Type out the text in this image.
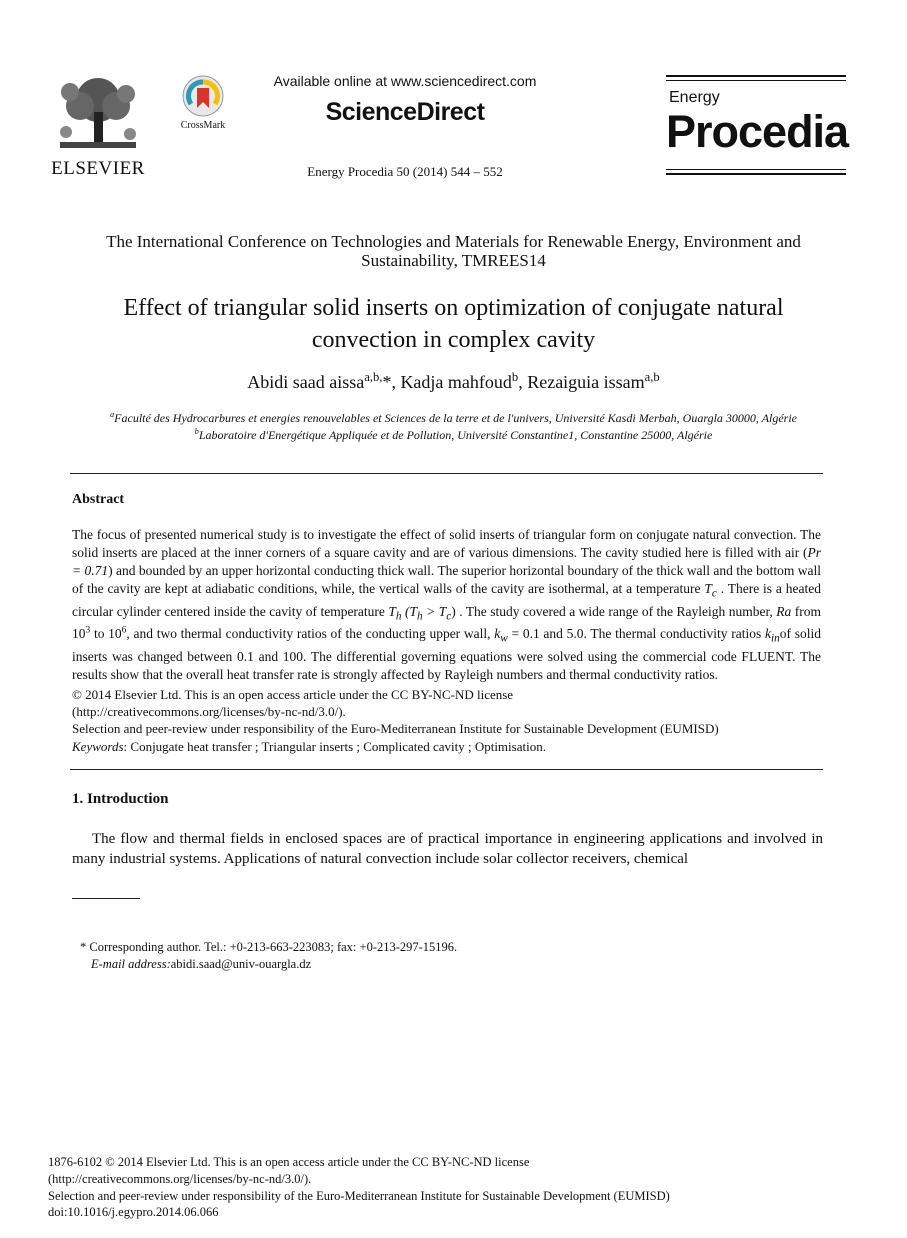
ELSEVIER
CrossMark
Available online at www.sciencedirect.com
ScienceDirect
Energy Procedia 50 (2014) 544 – 552
Energy
Procedia
The International Conference on Technologies and Materials for Renewable Energy, Environment and Sustainability, TMREES14
Effect of triangular solid inserts on optimization of conjugate natural convection in complex cavity
Abidi saad aissa$^{a,b,}$*, Kadja mahfoud$^b$, Rezaiguia issam$^{a,b}$
$^a$Faculté des Hydrocarbures et energies renouvelables et Sciences de la terre et de l'univers, Université Kasdi Merbah, Ouargla 30000, Algérie
$^b$Laboratoire d'Energétique Appliquée et de Pollution, Université Constantine1, Constantine 25000, Algérie
Abstract
The focus of presented numerical study is to investigate the effect of solid inserts of triangular form on conjugate natural convection. The solid inserts are placed at the inner corners of a square cavity and are of various dimensions. The cavity studied here is filled with air (Pr = 0.71) and bounded by an upper horizontal conducting thick wall. The superior horizontal boundary of the thick wall and the bottom wall of the cavity are kept at adiabatic conditions, while, the vertical walls of the cavity are isothermal, at a temperature $T_c$ . There is a heated circular cylinder centered inside the cavity of temperature $T_h$ $(T_h > T_c)$ . The study covered a wide range of the Rayleigh number, Ra from $10^3$ to $10^6$, and two thermal conductivity ratios of the conducting upper wall, $k_w = 0.1$ and 5.0. The thermal conductivity ratios $k_{in}of$ solid inserts was changed between 0.1 and 100. The differential governing equations were solved using the commercial code FLUENT. The results show that the overall heat transfer rate is strongly affected by Rayleigh numbers and thermal conductivity ratios.
© 2014 Elsevier Ltd. This is an open access article under the CC BY-NC-ND license
(http://creativecommons.org/licenses/by-nc-nd/3.0/).
Selection and peer-review under responsibility of the Euro-Mediterranean Institute for Sustainable Development (EUMISD)
Keywords: Conjugate heat transfer ; Triangular inserts ; Complicated cavity ; Optimisation.
1. Introduction
The flow and thermal fields in enclosed spaces are of practical importance in engineering applications and involved in many industrial systems. Applications of natural convection include solar collector receivers, chemical
* Corresponding author. Tel.: +0-213-663-223083; fax: +0-213-297-15196.
E-mail address:abidi.saad@univ-ouargla.dz
1876-6102 © 2014 Elsevier Ltd. This is an open access article under the CC BY-NC-ND license
(http://creativecommons.org/licenses/by-nc-nd/3.0/).
Selection and peer-review under responsibility of the Euro-Mediterranean Institute for Sustainable Development (EUMISD)
doi:10.1016/j.egypro.2014.06.066
